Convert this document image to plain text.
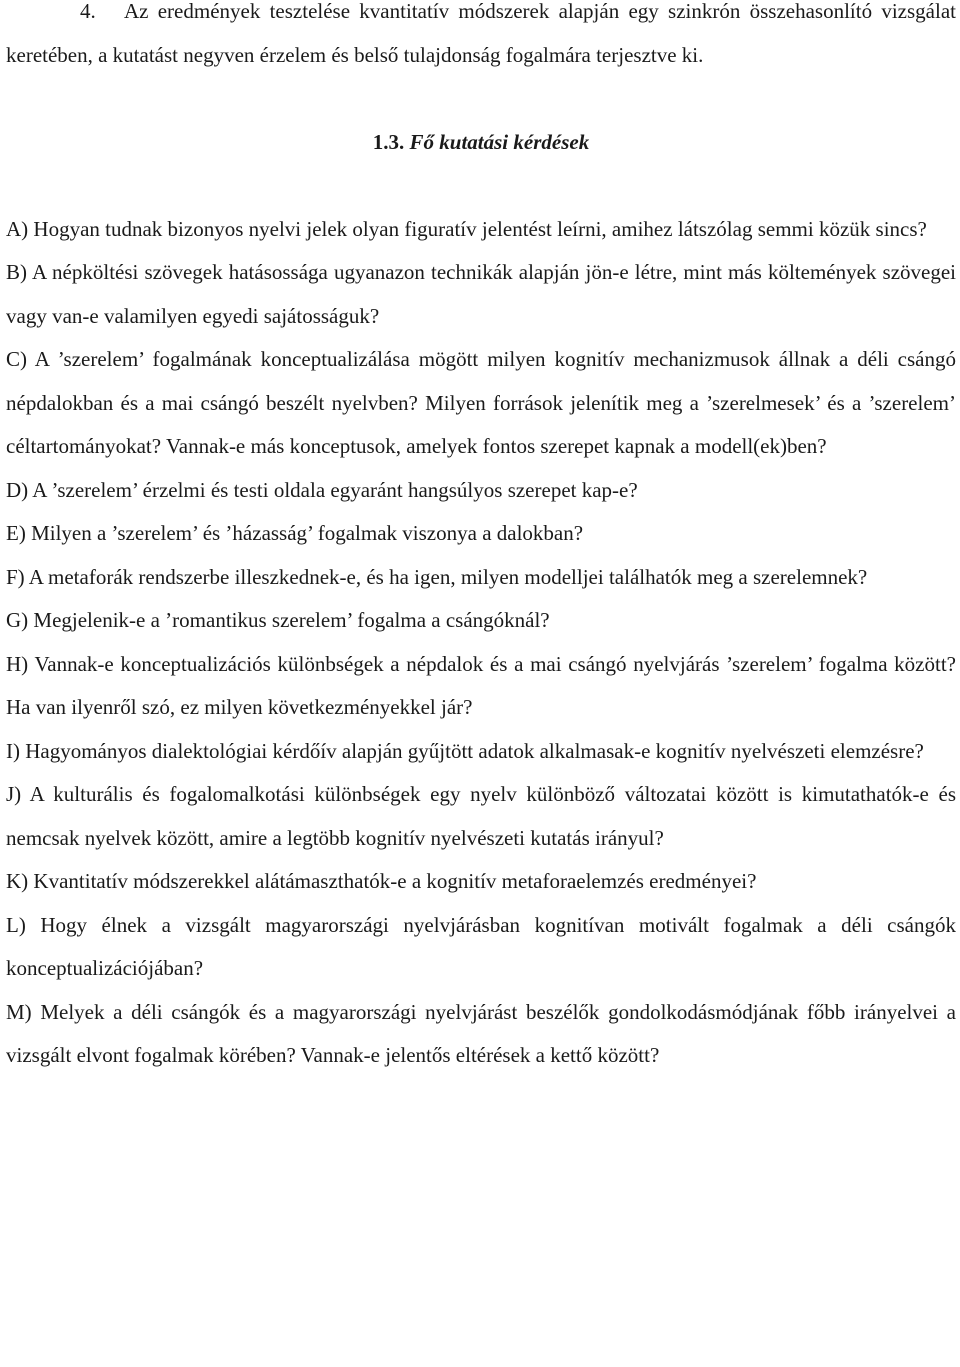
4. Az eredmények tesztelése kvantitatív módszerek alapján egy szinkrón összehasonlító vizsgálat keretében, a kutatást negyven érzelem és belső tulajdonság fogalmára terjesztve ki.

1.3. Fő kutatási kérdések

A) Hogyan tudnak bizonyos nyelvi jelek olyan figuratív jelentést leírni, amihez látszólag semmi közük sincs?

B) A népköltési szövegek hatásossága ugyanazon technikák alapján jön-e létre, mint más költemények szövegei vagy van-e valamilyen egyedi sajátosságuk?

C) A ’szerelem’ fogalmának konceptualizálása mögött milyen kognitív mechanizmusok állnak a déli csángó népdalokban és a mai csángó beszélt nyelvben? Milyen források jelenítik meg a ’szerelmesek’ és a ’szerelem’ céltartományokat? Vannak-e más konceptusok, amelyek fontos szerepet kapnak a modell(ek)ben?

D) A ’szerelem’ érzelmi és testi oldala egyaránt hangsúlyos szerepet kap-e?

E) Milyen a ’szerelem’ és ’házasság’ fogalmak viszonya a dalokban?

F) A metaforák rendszerbe illeszkednek-e, és ha igen, milyen modelljei találhatók meg a szerelemnek?

G) Megjelenik-e a ’romantikus szerelem’ fogalma a csángóknál?

H) Vannak-e konceptualizációs különbségek a népdalok és a mai csángó nyelvjárás ’szerelem’ fogalma között? Ha van ilyenről szó, ez milyen következményekkel jár?

I) Hagyományos dialektológiai kérdőív alapján gyűjtött adatok alkalmasak-e kognitív nyelvészeti elemzésre?

J) A kulturális és fogalomalkotási különbségek egy nyelv különböző változatai között is kimutathatók-e és nemcsak nyelvek között, amire a legtöbb kognitív nyelvészeti kutatás irányul?

K) Kvantitatív módszerekkel alátámaszthatók-e a kognitív metaforaelemzés eredményei?

L) Hogy élnek a vizsgált magyarországi nyelvjárásban kognitívan motivált fogalmak a déli csángók konceptualizációjában?

M) Melyek a déli csángók és a magyarországi nyelvjárást beszélők gondolkodásmódjának főbb irányelvei a vizsgált elvont fogalmak körében? Vannak-e jelentős eltérések a kettő között?
